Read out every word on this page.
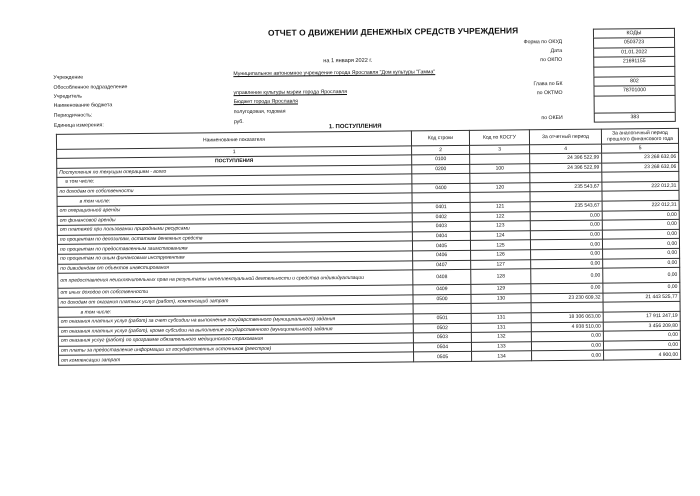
ОТЧЕТ О ДВИЖЕНИИ ДЕНЕЖНЫХ СРЕДСТВ УЧРЕЖДЕНИЯ
на 1 января 2022 г.
КОДЫ
0503723
01.01.2022
21691155
802
78701000
383
Форма по ОКУД
Дата
по ОКПО
Глава по БК
по ОКТМО
по ОКЕИ
Учреждение
Муниципальное автономное учреждение города Ярославля "Дом культуры "Гамма"
Обособленное подразделение
Учредитель
управление культуры мэрии города Ярославля
Наименование бюджета
Бюджет города Ярославля
Периодичность:
полугодовая, годовая
Единица измерения:
руб.
1. ПОСТУПЛЕНИЯ
Наименование показателя	Код строки	Код по КОСГУ	За отчетный период	За аналогичный период прошлого финансового года
1	2	3	4	5
ПОСТУПЛЕНИЯ	0100		24 396 522,99	23 268 632,06
Поступления по текущим операциям - всего	0200	100	24 396 522,99	23 268 632,06
в том числе:				
по доходам от собственности	0400	120	235 543,67	222 012,31
в том числе:				
от операционной аренды	0401	121	235 543,67	222 012,31
от финансовой аренды	0402	122	0,00	0,00
от платежей при пользовании природными ресурсами	0403	123	0,00	0,00
по процентам по депозитам, остаткам денежных средств	0404	124	0,00	0,00
по процентам по предоставленным заимствованиям	0405	125	0,00	0,00
по процентам по иным финансовым инструментам	0406	126	0,00	0,00
по дивидендам от объектов инвестирования	0407	127	0,00	0,00
от предоставления неисключительных прав на результаты интеллектуальной деятельности и средства индивидуализации	0408	128	0,00	0,00
от иных доходов от собственности	0409	129	0,00	0,00
по доходам от оказания платных услуг (работ), компенсаций затрат	0500	130	23 230 609,32	21 443 525,77
в том числе:				
от оказания платных услуг (работ) за счет субсидии на выполнение государственного (муниципального) задания	0501	131	18 306 063,00	17 911 247,19
от оказания платных услуг (работ), кроме субсидии на выполнение государственного (муниципального) задания	0502	131	4 938 510,00	3 456 209,80
от оказания услуг (работ) по программе обязательного медицинского страхования	0503	132	0,00	0,00
от платы за предоставление информации из государственных источников (реестров)	0504	133	0,00	0,00
от компенсации затрат	0505	134	0,00	4 900,00
